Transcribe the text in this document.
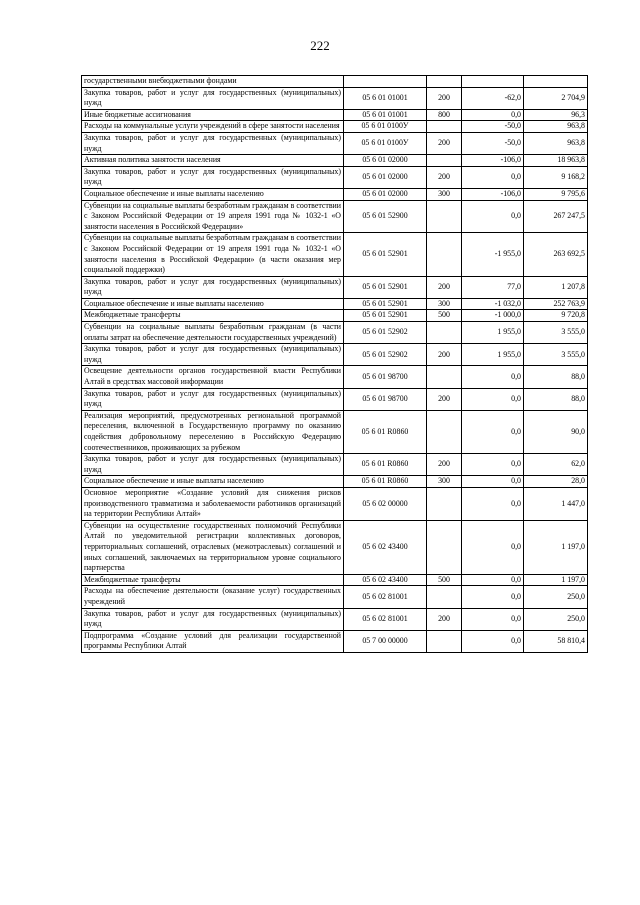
222
государственными внебюджетными фондами				
Закупка товаров, работ и услуг для государственных (муниципальных) нужд	05 6 01 01001	200	-62,0	2 704,9
Иные бюджетные ассигнования	05 6 01 01001	800	0,0	96,3
Расходы на коммунальные услуги учреждений в сфере занятости населения	05 6 01 0100У		-50,0	963,8
Закупка товаров, работ и услуг для государственных (муниципальных) нужд	05 6 01 0100У	200	-50,0	963,8
Активная политика занятости населения	05 6 01 02000		-106,0	18 963,8
Закупка товаров, работ и услуг для государственных (муниципальных) нужд	05 6 01 02000	200	0,0	9 168,2
Социальное обеспечение и иные выплаты населению	05 6 01 02000	300	-106,0	9 795,6
Субвенции на социальные выплаты безработным гражданам в соответствии с Законом Российской Федерации от 19 апреля 1991 года № 1032-1 «О занятости населения в Российской Федерации»	05 6 01 52900		0,0	267 247,5
Субвенции на социальные выплаты безработным гражданам в соответствии с Законом Российской Федерации от 19 апреля 1991 года № 1032-1 «О занятости населения в Российской Федерации» (в части оказания мер социальной поддержки)	05 6 01 52901		-1 955,0	263 692,5
Закупка товаров, работ и услуг для государственных (муниципальных) нужд	05 6 01 52901	200	77,0	1 207,8
Социальное обеспечение и иные выплаты населению	05 6 01 52901	300	-1 032,0	252 763,9
Межбюджетные трансферты	05 6 01 52901	500	-1 000,0	9 720,8
Субвенции на социальные выплаты безработным гражданам (в части оплаты затрат на обеспечение деятельности государственных учреждений)	05 6 01 52902		1 955,0	3 555,0
Закупка товаров, работ и услуг для государственных (муниципальных) нужд	05 6 01 52902	200	1 955,0	3 555,0
Освещение деятельности органов государственной власти Республики Алтай в средствах массовой информации	05 6 01 98700		0,0	88,0
Закупка товаров, работ и услуг для государственных (муниципальных) нужд	05 6 01 98700	200	0,0	88,0
Реализация мероприятий, предусмотренных региональной программой переселения, включенной в Государственную программу по оказанию содействия добровольному переселению в Российскую Федерацию соотечественников, проживающих за рубежом	05 6 01 R0860		0,0	90,0
Закупка товаров, работ и услуг для государственных (муниципальных) нужд	05 6 01 R0860	200	0,0	62,0
Социальное обеспечение и иные выплаты населению	05 6 01 R0860	300	0,0	28,0
Основное мероприятие «Создание условий для снижения рисков производственного травматизма и заболеваемости работников организаций на территории Республики Алтай»	05 6 02 00000		0,0	1 447,0
Субвенции на осуществление государственных полномочий Республики Алтай по уведомительной регистрации коллективных договоров, территориальных соглашений, отраслевых (межотраслевых) соглашений и иных соглашений, заключаемых на территориальном уровне социального партнерства	05 6 02 43400		0,0	1 197,0
Межбюджетные трансферты	05 6 02 43400	500	0,0	1 197,0
Расходы на обеспечение деятельности (оказание услуг) государственных учреждений	05 6 02 81001		0,0	250,0
Закупка товаров, работ и услуг для государственных (муниципальных) нужд	05 6 02 81001	200	0,0	250,0
Подпрограмма «Создание условий для реализации государственной программы Республики Алтай	05 7 00 00000		0,0	58 810,4
